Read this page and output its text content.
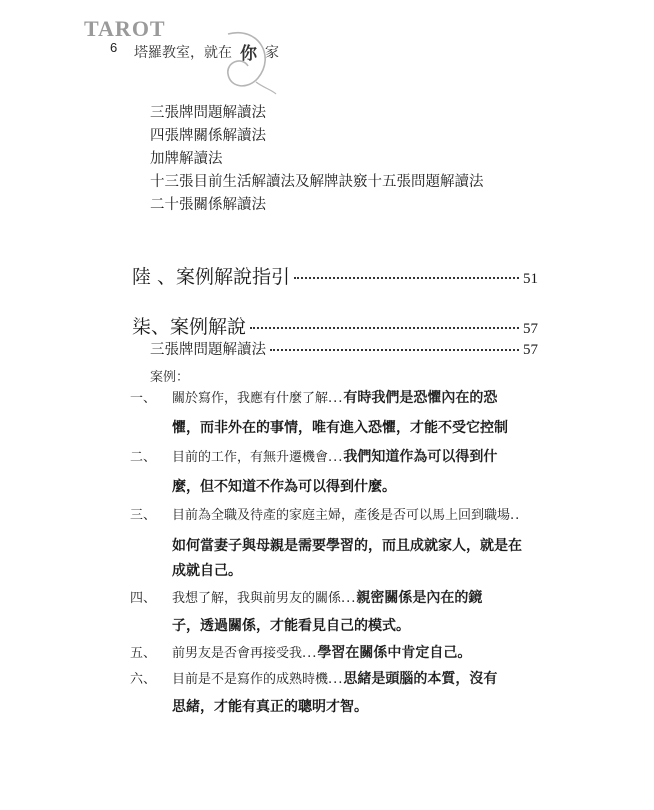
TAROT
6 塔羅教室，就在 你 家
三張牌問題解讀法
四張牌關係解讀法
加牌解讀法
十三張目前生活解讀法及解牌訣竅十五張問題解讀法
二十張關係解讀法
陸 、案例解說指引	51
柒、案例解說	57
三張牌問題解讀法	57
案例：
一、 關於寫作，我應有什麼了解...有時我們是恐懼內在的恐
懼，而非外在的事情，唯有進入恐懼，才能不受它控制
二、 目前的工作，有無升遷機會...我們知道作為可以得到什
麼，但不知道不作為可以得到什麼。
三、 目前為全職及待產的家庭主婦，產後是否可以馬上回到職場..
如何當妻子與母親是需要學習的，而且成就家人，就是在
成就自己。
四、 我想了解，我與前男友的關係...親密關係是內在的鏡
子，透過關係，才能看見自己的模式。
五、 前男友是否會再接受我...學習在關係中肯定自己。
六、 目前是不是寫作的成熟時機...思緒是頭腦的本質，沒有
思緒，才能有真正的聰明才智。
